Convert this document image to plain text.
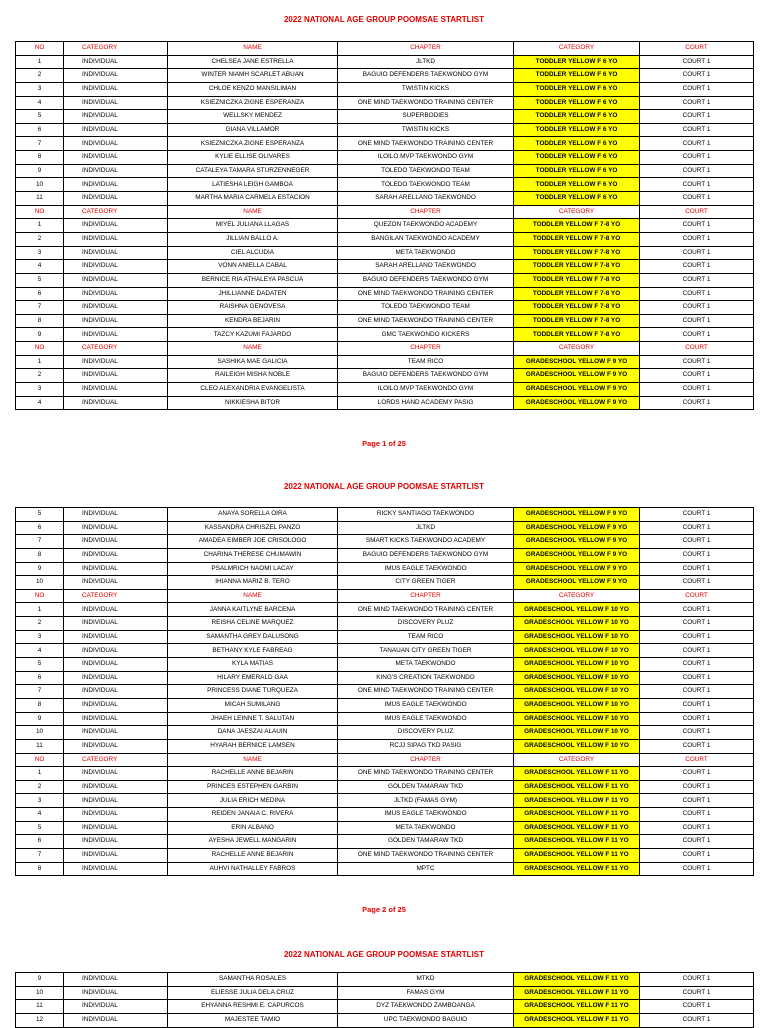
2022 NATIONAL AGE GROUP POOMSAE STARTLIST
NO	CATEGORY	NAME	CHAPTER	CATEGORY	COURT
1	INDIVIDUAL	CHELSEA JANE ESTRELLA	JLTKD	TODDLER YELLOW F 6 YO	COURT 1
2	INDIVIDUAL	WINTER NIAMH SCARLET ABUAN	BAGUIO DEFENDERS TAEKWONDO GYM	TODDLER YELLOW F 6 YO	COURT 1
3	INDIVIDUAL	CHLOE KENZO MANSILIMAN	TWISTIN KICKS	TODDLER YELLOW F 6 YO	COURT 1
4	INDIVIDUAL	KSIEZNICZKA ZIGNE ESPERANZA	ONE MIND TAEKWONDO TRAINING CENTER	TODDLER YELLOW F 6 YO	COURT 1
5	INDIVIDUAL	WELLSKY MENDEZ	SUPERBODIES	TODDLER YELLOW F 6 YO	COURT 1
6	INDIVIDUAL	GIANA VILLAMOR	TWISTIN KICKS	TODDLER YELLOW F 6 YO	COURT 1
7	INDIVIDUAL	KSIEZNICZKA ZIGNE ESPERANZA	ONE MIND TAEKWONDO TRAINING CENTER	TODDLER YELLOW F 6 YO	COURT 1
8	INDIVIDUAL	KYLIE ELLISE OLIVARES	ILOILO MVP TAEKWONDO GYM	TODDLER YELLOW F 6 YO	COURT 1
9	INDIVIDUAL	CATALEYA TAMARA STURZENNEGER	TOLEDO TAEKWONDO TEAM	TODDLER YELLOW F 6 YO	COURT 1
10	INDIVIDUAL	LATIESHA LEIGH GAMBOA	TOLEDO TAEKWONDO TEAM	TODDLER YELLOW F 6 YO	COURT 1
11	INDIVIDUAL	MARTHA MARIA CARMELA ESTACION	SARAH ARELLANO TAEKWONDO	TODDLER YELLOW F 6 YO	COURT 1
NO	CATEGORY	NAME	CHAPTER	CATEGORY	COURT
1	INDIVIDUAL	MIYEL JULIANA LLAGAS	QUEZON TAEKWONDO ACADEMY	TODDLER YELLOW F 7-8 YO	COURT 1
2	INDIVIDUAL	JILLIAN BALLO A.	BANGILAN TAEKWONDO ACADEMY	TODDLER YELLOW F 7-8 YO	COURT 1
3	INDIVIDUAL	CIEL ALCUDIA	META TAEKWONDO	TODDLER YELLOW F 7-8 YO	COURT 1
4	INDIVIDUAL	VONN ANIELLA CABAL	SARAH ARELLANO TAEKWONDO	TODDLER YELLOW F 7-8 YO	COURT 1
5	INDIVIDUAL	BERNICE RIA ATHALEYA PASCUA	BAGUIO DEFENDERS TAEKWONDO GYM	TODDLER YELLOW F 7-8 YO	COURT 1
6	INDIVIDUAL	JHILLIANNE DADATEN	ONE MIND TAEKWONDO TRAINING CENTER	TODDLER YELLOW F 7-8 YO	COURT 1
7	INDIVIDUAL	RAISHNA GENOVESA	TOLEDO TAEKWONDO TEAM	TODDLER YELLOW F 7-8 YO	COURT 1
8	INDIVIDUAL	KENDRA BEJARIN	ONE MIND TAEKWONDO TRAINING CENTER	TODDLER YELLOW F 7-8 YO	COURT 1
9	INDIVIDUAL	TAZCY KAZUMI FAJARDO	GMC TAEKWONDO KICKERS	TODDLER YELLOW F 7-8 YO	COURT 1
NO	CATEGORY	NAME	CHAPTER	CATEGORY	COURT
1	INDIVIDUAL	SASHIKA MAE GALICIA	TEAM RICO	GRADESCHOOL YELLOW F 9 YO	COURT 1
2	INDIVIDUAL	RAILEIGH MISHA NOBLE	BAGUIO DEFENDERS TAEKWONDO GYM	GRADESCHOOL YELLOW F 9 YO	COURT 1
3	INDIVIDUAL	CLEO ALEXANDRIA EVANGELISTA	ILOILO MVP TAEKWONDO GYM	GRADESCHOOL YELLOW F 9 YO	COURT 1
4	INDIVIDUAL	NIKKIESHA BITOR	LORDS HAND ACADEMY PASIG	GRADESCHOOL YELLOW F 9 YO	COURT 1
Page 1 of 25
2022 NATIONAL AGE GROUP POOMSAE STARTLIST
5	INDIVIDUAL	ANAYA SORELLA OIRA	RICKY SANTIAGO TAEKWONDO	GRADESCHOOL YELLOW F 9 YO	COURT 1
6	INDIVIDUAL	KASSANDRA CHRISZEL PANZO	JLTKD	GRADESCHOOL YELLOW F 9 YO	COURT 1
7	INDIVIDUAL	AMADEA EIMBER JOE CRISOLOGO	SMART KICKS TAEKWONDO ACADEMY	GRADESCHOOL YELLOW F 9 YO	COURT 1
8	INDIVIDUAL	CHARINA THERESE CHUMAWIN	BAGUIO DEFENDERS TAEKWONDO GYM	GRADESCHOOL YELLOW F 9 YO	COURT 1
9	INDIVIDUAL	PSALMRICH NAOMI LACAY	IMUS EAGLE TAEKWONDO	GRADESCHOOL YELLOW F 9 YO	COURT 1
10	INDIVIDUAL	IHIANNA MARIZ B. TERO	CITY GREEN TIGER	GRADESCHOOL YELLOW F 9 YO	COURT 1
NO	CATEGORY	NAME	CHAPTER	CATEGORY	COURT
1	INDIVIDUAL	JANNA KAITLYNE BARCENA	ONE MIND TAEKWONDO TRAINING CENTER	GRADESCHOOL YELLOW F 10 YO	COURT 1
2	INDIVIDUAL	REISHA CELINE MARQUEZ	DISCOVERY PLUZ	GRADESCHOOL YELLOW F 10 YO	COURT 1
3	INDIVIDUAL	SAMANTHA GREY DALUSONG	TEAM RICO	GRADESCHOOL YELLOW F 10 YO	COURT 1
4	INDIVIDUAL	BETHANY KYLE FABREAG	TANAUAN CITY GREEN TIGER	GRADESCHOOL YELLOW F 10 YO	COURT 1
5	INDIVIDUAL	KYLA MATIAS	META TAEKWONDO	GRADESCHOOL YELLOW F 10 YO	COURT 1
6	INDIVIDUAL	HILARY EMERALD GAA	KING'S CREATION TAEKWONDO	GRADESCHOOL YELLOW F 10 YO	COURT 1
7	INDIVIDUAL	PRINCESS DIANE TURQUEZA	ONE MIND TAEKWONDO TRAINING CENTER	GRADESCHOOL YELLOW F 10 YO	COURT 1
8	INDIVIDUAL	MICAH SUMILANG	IMUS EAGLE TAEKWONDO	GRADESCHOOL YELLOW F 10 YO	COURT 1
9	INDIVIDUAL	JHAEH LEINNE T. SALUTAN	IMUS EAGLE TAEKWONDO	GRADESCHOOL YELLOW F 10 YO	COURT 1
10	INDIVIDUAL	DANA JAESZAI ALAUIN	DISCOVERY PLUZ	GRADESCHOOL YELLOW F 10 YO	COURT 1
11	INDIVIDUAL	HYARAH BERNICE LAMSEN	RCJJ SIPAG TKD PASIG	GRADESCHOOL YELLOW F 10 YO	COURT 1
NO	CATEGORY	NAME	CHAPTER	CATEGORY	COURT
1	INDIVIDUAL	RACHELLE ANNE BEJARIN	ONE MIND TAEKWONDO TRAINING CENTER	GRADESCHOOL YELLOW F 11 YO	COURT 1
2	INDIVIDUAL	PRINCES ESTEPHEN GARBIN	GOLDEN TAMARAW TKD	GRADESCHOOL YELLOW F 11 YO	COURT 1
3	INDIVIDUAL	JULIA ERICH MEDINA	JLTKD (FAMAS GYM)	GRADESCHOOL YELLOW F 11 YO	COURT 1
4	INDIVIDUAL	REIDEN JANAIA C. RIVERA	IMUS EAGLE TAEKWONDO	GRADESCHOOL YELLOW F 11 YO	COURT 1
5	INDIVIDUAL	ERIN ALBANO	META TAEKWONDO	GRADESCHOOL YELLOW F 11 YO	COURT 1
6	INDIVIDUAL	AYESHA JEWELL MANGARIN	GOLDEN TAMARAW TKD	GRADESCHOOL YELLOW F 11 YO	COURT 1
7	INDIVIDUAL	RACHELLE ANNE BEJARIN	ONE MIND TAEKWONDO TRAINING CENTER	GRADESCHOOL YELLOW F 11 YO	COURT 1
8	INDIVIDUAL	AUHVI NATHALLEY FABROS	MPTC	GRADESCHOOL YELLOW F 11 YO	COURT 1
Page 2 of 25
2022 NATIONAL AGE GROUP POOMSAE STARTLIST
9	INDIVIDUAL	SAMANTHA ROSALES	MTKD	GRADESCHOOL YELLOW F 11 YO	COURT 1
10	INDIVIDUAL	ELIESSE JULIA DELA CRUZ	FAMAS GYM	GRADESCHOOL YELLOW F 11 YO	COURT 1
11	INDIVIDUAL	EHYANNA RESHMI E. CAPURCOS	DYZ TAEKWONDO ZAMBOANGA	GRADESCHOOL YELLOW F 11 YO	COURT 1
12	INDIVIDUAL	MAJESTEE TAMIO	UPC TAEKWONDO BAGUIO	GRADESCHOOL YELLOW F 11 YO	COURT 1
